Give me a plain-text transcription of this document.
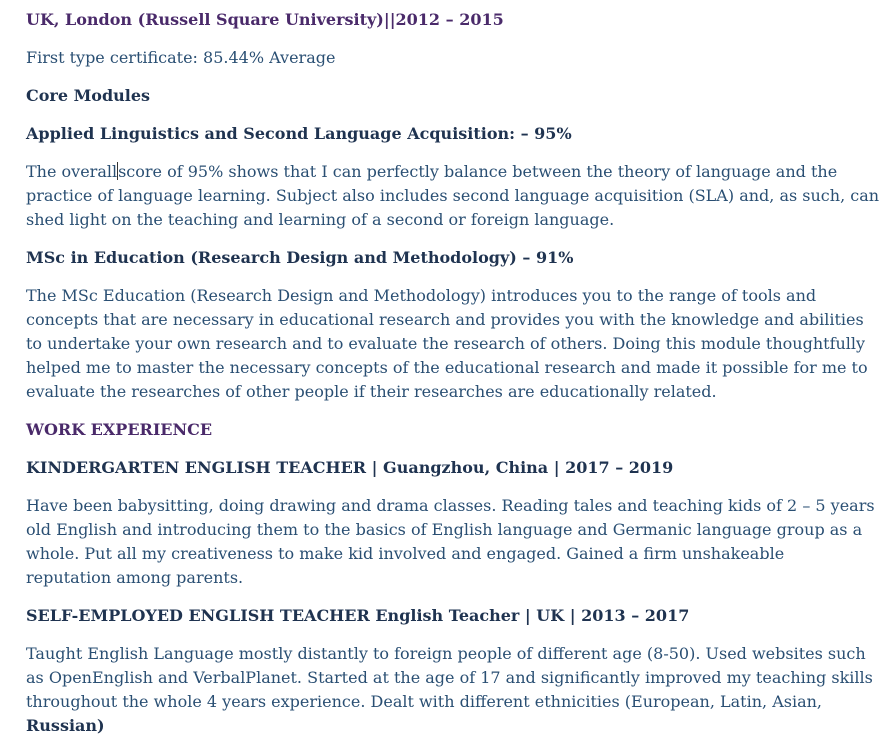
UK, London (Russell Square University)||2012 – 2015

First type certificate: 85.44% Average

Core Modules

Applied Linguistics and Second Language Acquisition: – 95%

The overallscore of 95% shows that I can perfectly balance between the theory of language and the

practice of language learning. Subject also includes second language acquisition (SLA) and, as such, can

shed light on the teaching and learning of a second or foreign language.

MSc in Education (Research Design and Methodology) – 91%

The MSc Education (Research Design and Methodology) introduces you to the range of tools and

concepts that are necessary in educational research and provides you with the knowledge and abilities

to undertake your own research and to evaluate the research of others. Doing this module thoughtfully

helped me to master the necessary concepts of the educational research and made it possible for me to

evaluate the researches of other people if their researches are educationally related.

WORK EXPERIENCE

KINDERGARTEN ENGLISH TEACHER | Guangzhou, China | 2017 – 2019

Have been babysitting, doing drawing and drama classes. Reading tales and teaching kids of 2 – 5 years

old English and introducing them to the basics of English language and Germanic language group as a

whole. Put all my creativeness to make kid involved and engaged. Gained a firm unshakeable

reputation among parents.

SELF-EMPLOYED ENGLISH TEACHER English Teacher | UK | 2013 – 2017

Taught English Language mostly distantly to foreign people of different age (8-50). Used websites such

as OpenEnglish and VerbalPlanet. Started at the age of 17 and significantly improved my teaching skills

throughout the whole 4 years experience. Dealt with different ethnicities (European, Latin, Asian,

Russian)
